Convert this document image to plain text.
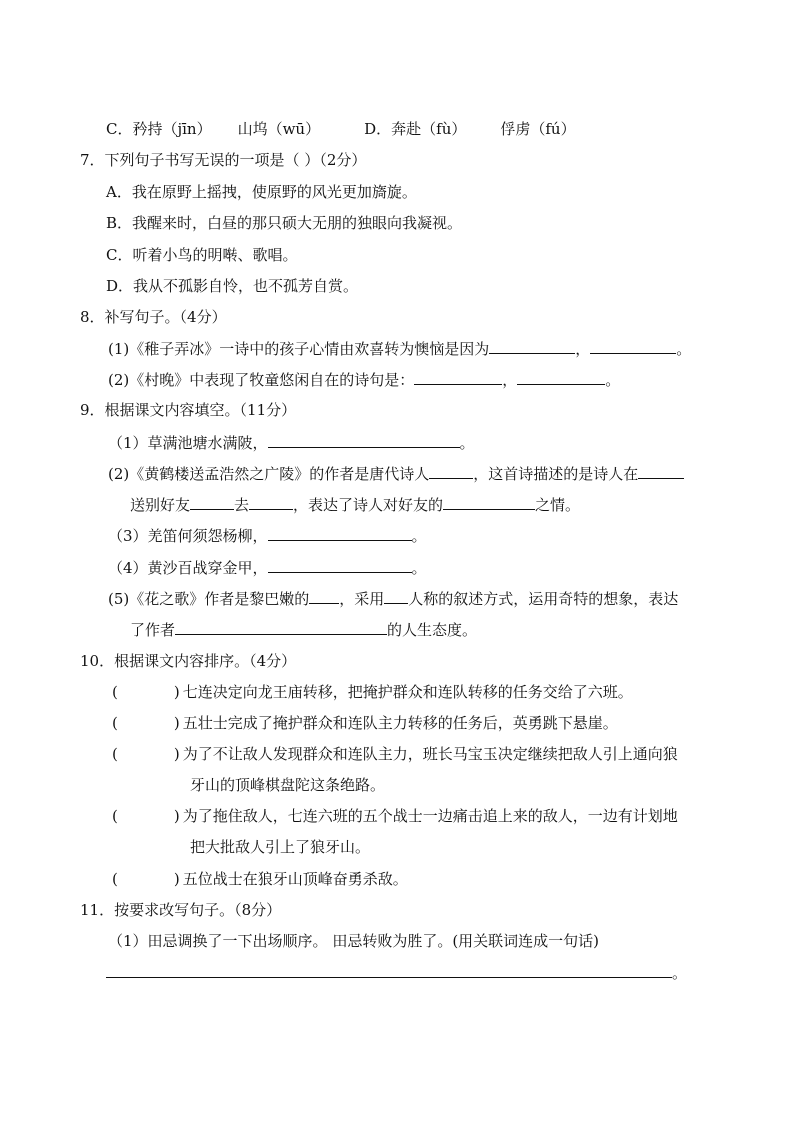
C．矜持（jīn） 山坞（wū）	D．奔赴（fù） 俘虏（fú）
7．下列句子书写无误的一项是（ ）（2分）
A．我在原野上摇拽，使原野的风光更加旖旋。
B．我醒来时，白昼的那只硕大无朋的独眼向我凝视。
C．听着小鸟的明啭、歌唱。
D．我从不孤影自怜，也不孤芳自赏。
8．补写句子。（4分）
(1)《稚子弄冰》一诗中的孩子心情由欢喜转为懊恼是因为	，	。
(2)《村晚》中表现了牧童悠闲自在的诗句是：	，	。
9．根据课文内容填空。（11分）
（1）草满池塘水满陂，	。
(2)《黄鹤楼送孟浩然之广陵》的作者是唐代诗人	，这首诗描述的是诗人在
送别好友	去	，表达了诗人对好友的	之情。
（3）羌笛何须怨杨柳，	。
（4）黄沙百战穿金甲，	。
(5)《花之歌》作者是黎巴嫩的 ，采用 人称的叙述方式，运用奇特的想象，表达
了作者	的人生态度。
10．根据课文内容排序。（4分）
(	) 七连决定向龙王庙转移，把掩护群众和连队转移的任务交给了六班。
(	) 五壮士完成了掩护群众和连队主力转移的任务后，英勇跳下悬崖。
(	) 为了不让敌人发现群众和连队主力，班长马宝玉决定继续把敌人引上通向狼
牙山的顶峰棋盘陀这条绝路。
(	) 为了拖住敌人，七连六班的五个战士一边痛击追上来的敌人，一边有计划地
把大批敌人引上了狼牙山。
(	) 五位战士在狼牙山顶峰奋勇杀敌。
11．按要求改写句子。（8分）
（1）田忌调换了一下出场顺序。 田忌转败为胜了。(用关联词连成一句话)
。
